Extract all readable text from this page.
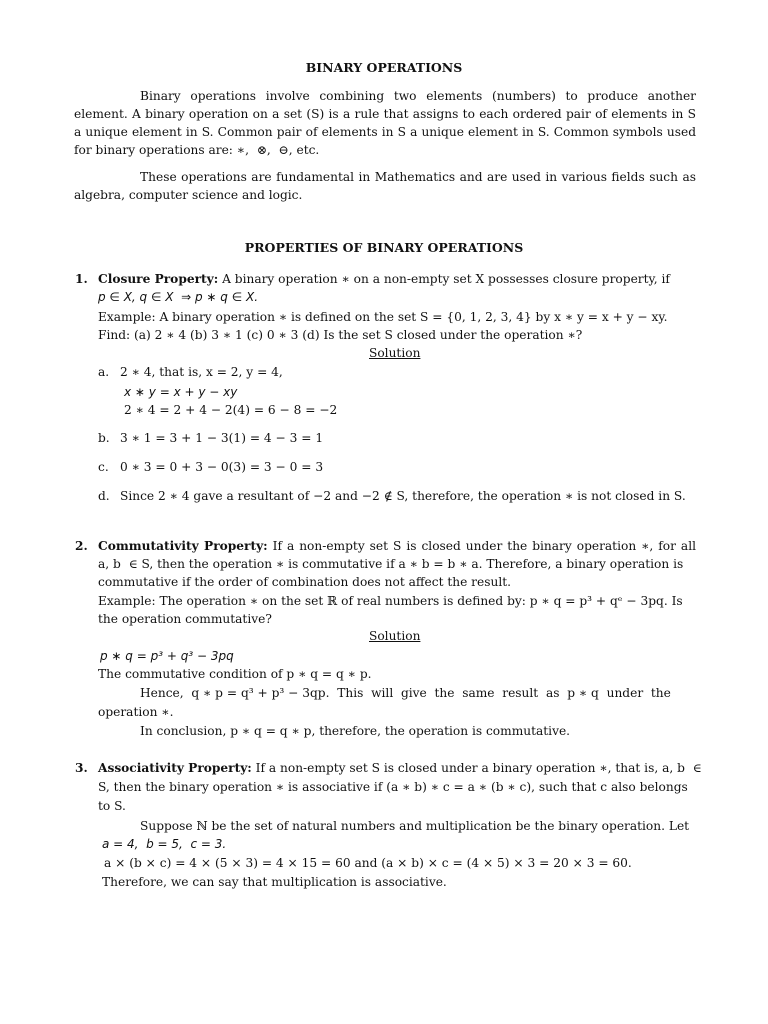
BINARY OPERATIONS
Binary operations involve combining two elements (numbers) to produce another
element. A binary operation on a set (S) is a rule that assigns to each ordered pair of elements in S
a unique element in S. Common pair of elements in S a unique element in S. Common symbols used
for binary operations are: ∗,  ⊗,  ⊖, etc.
These operations are fundamental in Mathematics and are used in various fields such as
algebra, computer science and logic.
PROPERTIES OF BINARY OPERATIONS
1. Closure Property: A binary operation ∗ on a non-empty set X possesses closure property, if
p ∈ X, q ∈ X  ⇒ p ∗ q ∈ X.
Example: A binary operation ∗ is defined on the set S = {0, 1, 2, 3, 4} by x ∗ y = x + y − xy.
Find: (a) 2 ∗ 4 (b) 3 ∗ 1 (c) 0 ∗ 3 (d) Is the set S closed under the operation ∗?
Solution
a. 2 ∗ 4, that is, x = 2, y = 4,
x ∗ y = x + y − xy
2 ∗ 4 = 2 + 4 − 2(4) = 6 − 8 = −2
b. 3 ∗ 1 = 3 + 1 − 3(1) = 4 − 3 = 1
c. 0 ∗ 3 = 0 + 3 − 0(3) = 3 − 0 = 3
d. Since 2 ∗ 4 gave a resultant of −2 and −2 ∉ S, therefore, the operation ∗ is not closed in S.
2. Commutativity Property: If a non-empty set S is closed under the binary operation ∗, for all
a, b  ∈ S, then the operation ∗ is commutative if a ∗ b = b ∗ a. Therefore, a binary operation is
commutative if the order of combination does not affect the result.
Example: The operation ∗ on the set ℝ of real numbers is defined by: p ∗ q = p³ + qᵉ − 3pq. Is
the operation commutative?
Solution
p ∗ q = p³ + q³ − 3pq
The commutative condition of p ∗ q = q ∗ p.
Hence,  q ∗ p = q³ + p³ − 3qp.  This  will  give  the  same  result  as  p ∗ q  under  the
operation ∗.
In conclusion, p ∗ q = q ∗ p, therefore, the operation is commutative.
3. Associativity Property: If a non-empty set S is closed under a binary operation ∗, that is, a, b  ∈
S, then the binary operation ∗ is associative if (a ∗ b) ∗ c = a ∗ (b ∗ c), such that c also belongs
to S.
Suppose ℕ be the set of natural numbers and multiplication be the binary operation. Let
a = 4,  b = 5,  c = 3.
a × (b × c) = 4 × (5 × 3) = 4 × 15 = 60 and (a × b) × c = (4 × 5) × 3 = 20 × 3 = 60.
Therefore, we can say that multiplication is associative.
